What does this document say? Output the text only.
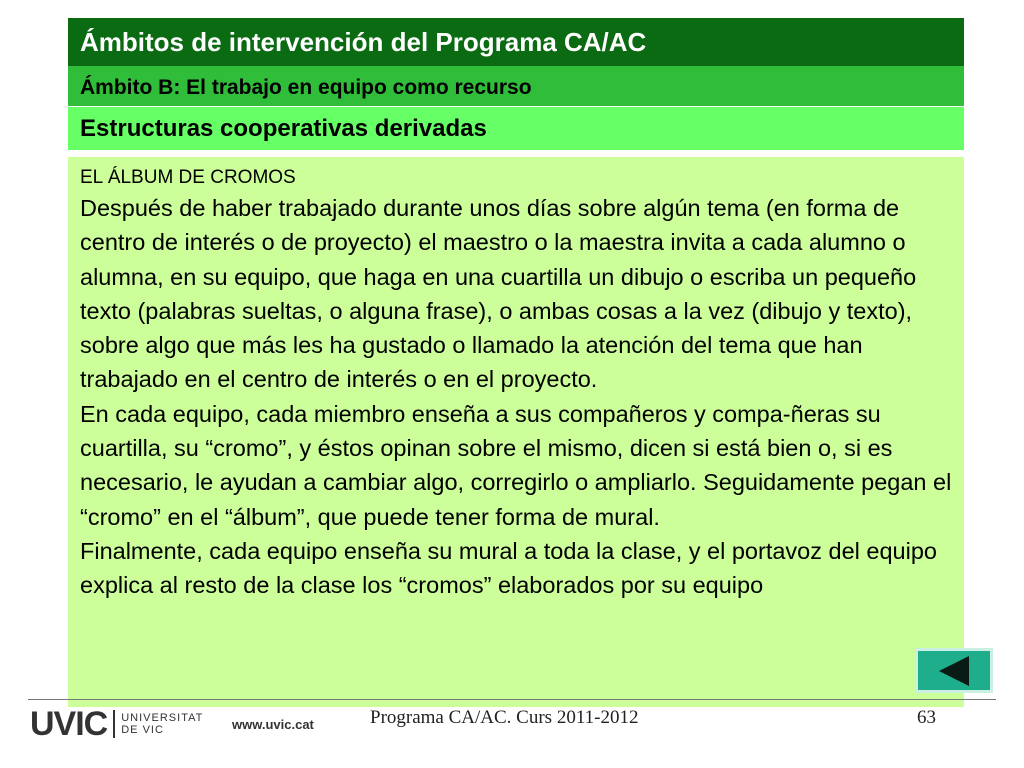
Ámbitos de intervención del Programa CA/AC
Ámbito B: El trabajo en equipo como recurso
Estructuras cooperativas derivadas
EL ÁLBUM DE CROMOS

Después de haber trabajado durante unos días sobre algún tema (en forma de centro de interés o de proyecto) el maestro o la maestra invita a cada alumno o alumna, en su equipo, que haga en una cuartilla un dibujo o escriba un pequeño texto (palabras sueltas, o alguna frase), o ambas cosas a la vez (dibujo y texto), sobre algo que más les ha gustado o llamado la atención del tema que han trabajado en el centro de interés o en el proyecto.

En cada equipo, cada miembro enseña a sus compañeros y compa-ñeras su cuartilla, su “cromo”, y éstos opinan sobre el mismo, dicen si está bien o, si es necesario, le ayudan a cambiar algo, corregirlo o ampliarlo. Seguidamente pegan el “cromo” en el “álbum”, que puede tener forma de mural.

Finalmente, cada equipo enseña su mural a toda la clase, y el portavoz del equipo explica al resto de la clase los “cromos” elaborados por su equipo

UVIC UNIVERSITAT
DE VIC	www.uvic.cat	Programa CA/AC. Curs 2011-2012	63
